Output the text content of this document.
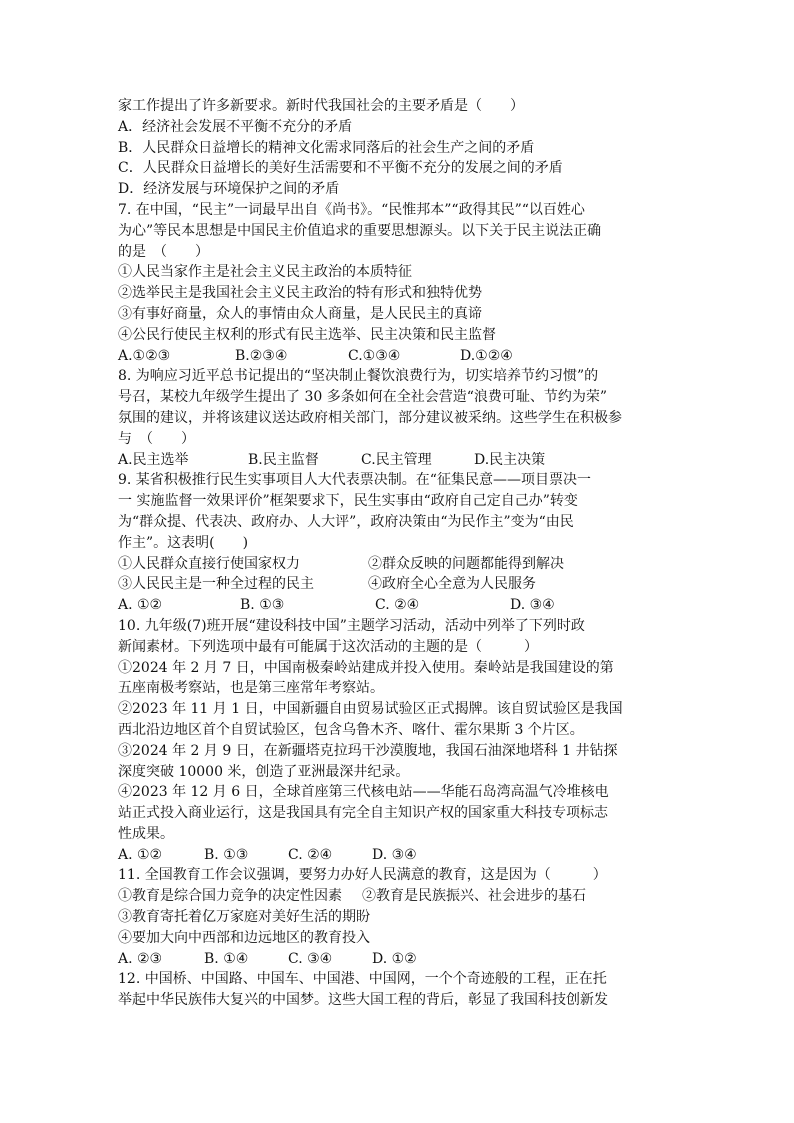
家工作提出了许多新要求。新时代我国社会的主要矛盾是（　　）
A．经济社会发展不平衡不充分的矛盾
B．人民群众日益增长的精神文化需求同落后的社会生产之间的矛盾
C．人民群众日益增长的美好生活需要和不平衡不充分的发展之间的矛盾
D．经济发展与环境保护之间的矛盾
7. 在中国，“民主”一词最早出自《尚书》。“民惟邦本”“政得其民”“以百姓心
为心”等民本思想是中国民主价值追求的重要思想源头。以下关于民主说法正确
的是　（　　）
①人民当家作主是社会主义民主政治的本质特征
②选举民主是我国社会主义民主政治的特有形式和独特优势
③有事好商量，众人的事情由众人商量，是人民民主的真谛
④公民行使民主权利的形式有民主选举、民主决策和民主监督
A.①②③	B.②③④	C.①③④	D.①②④
8. 为响应习近平总书记提出的“坚决制止餐饮浪费行为，切实培养节约习惯”的
号召，某校九年级学生提出了 30 多条如何在全社会营造“浪费可耻、节约为荣”
氛围的建议，并将该建议送达政府相关部门，部分建议被采纳。这些学生在积极参
与　（　　）
A.民主选举	B.民主监督	C.民主管理	D.民主决策
9. 某省积极推行民生实事项目人大代表票决制。在“征集民意——项目票决一
一 实施监督一效果评价”框架要求下，民生实事由“政府自己定自己办”转变
为“群众提、代表决、政府办、人大评”，政府决策由“为民作主”变为“由民
作主”。这表明(　　)
①人民群众直接行使国家权力	②群众反映的问题都能得到解决
③人民民主是一种全过程的民主	④政府全心全意为人民服务
A. ①②	B. ①③	C. ②④	D. ③④
10. 九年级(7)班开展“建设科技中国”主题学习活动，活动中列举了下列时政
新闻素材。下列选项中最有可能属于这次活动的主题的是（　　　）
①2024 年 2 月 7 日，中国南极秦岭站建成并投入使用。秦岭站是我国建设的第
五座南极考察站，也是第三座常年考察站。
②2023 年 11 月 1 日，中国新疆自由贸易试验区正式揭牌。该自贸试验区是我国
西北沿边地区首个自贸试验区，包含乌鲁木齐、喀什、霍尔果斯 3 个片区。
③2024 年 2 月 9 日，在新疆塔克拉玛干沙漠腹地，我国石油深地塔科 1 井钻探
深度突破 10000 米，创造了亚洲最深井纪录。
④2023 年 12 月 6 日，全球首座第三代核电站——华能石岛湾高温气冷堆核电
站正式投入商业运行，这是我国具有完全自主知识产权的国家重大科技专项标志
性成果。
A. ①②	B. ①③	C. ②④	D. ③④
11. 全国教育工作会议强调，要努力办好人民满意的教育，这是因为（　　　）
①教育是综合国力竞争的决定性因素	②教育是民族振兴、社会进步的基石
③教育寄托着亿万家庭对美好生活的期盼
④要加大向中西部和边远地区的教育投入
A. ②③	B. ①④	C. ③④	D. ①②
12. 中国桥、中国路、中国车、中国港、中国网，一个个奇迹般的工程，正在托
举起中华民族伟大复兴的中国梦。这些大国工程的背后，彰显了我国科技创新发
